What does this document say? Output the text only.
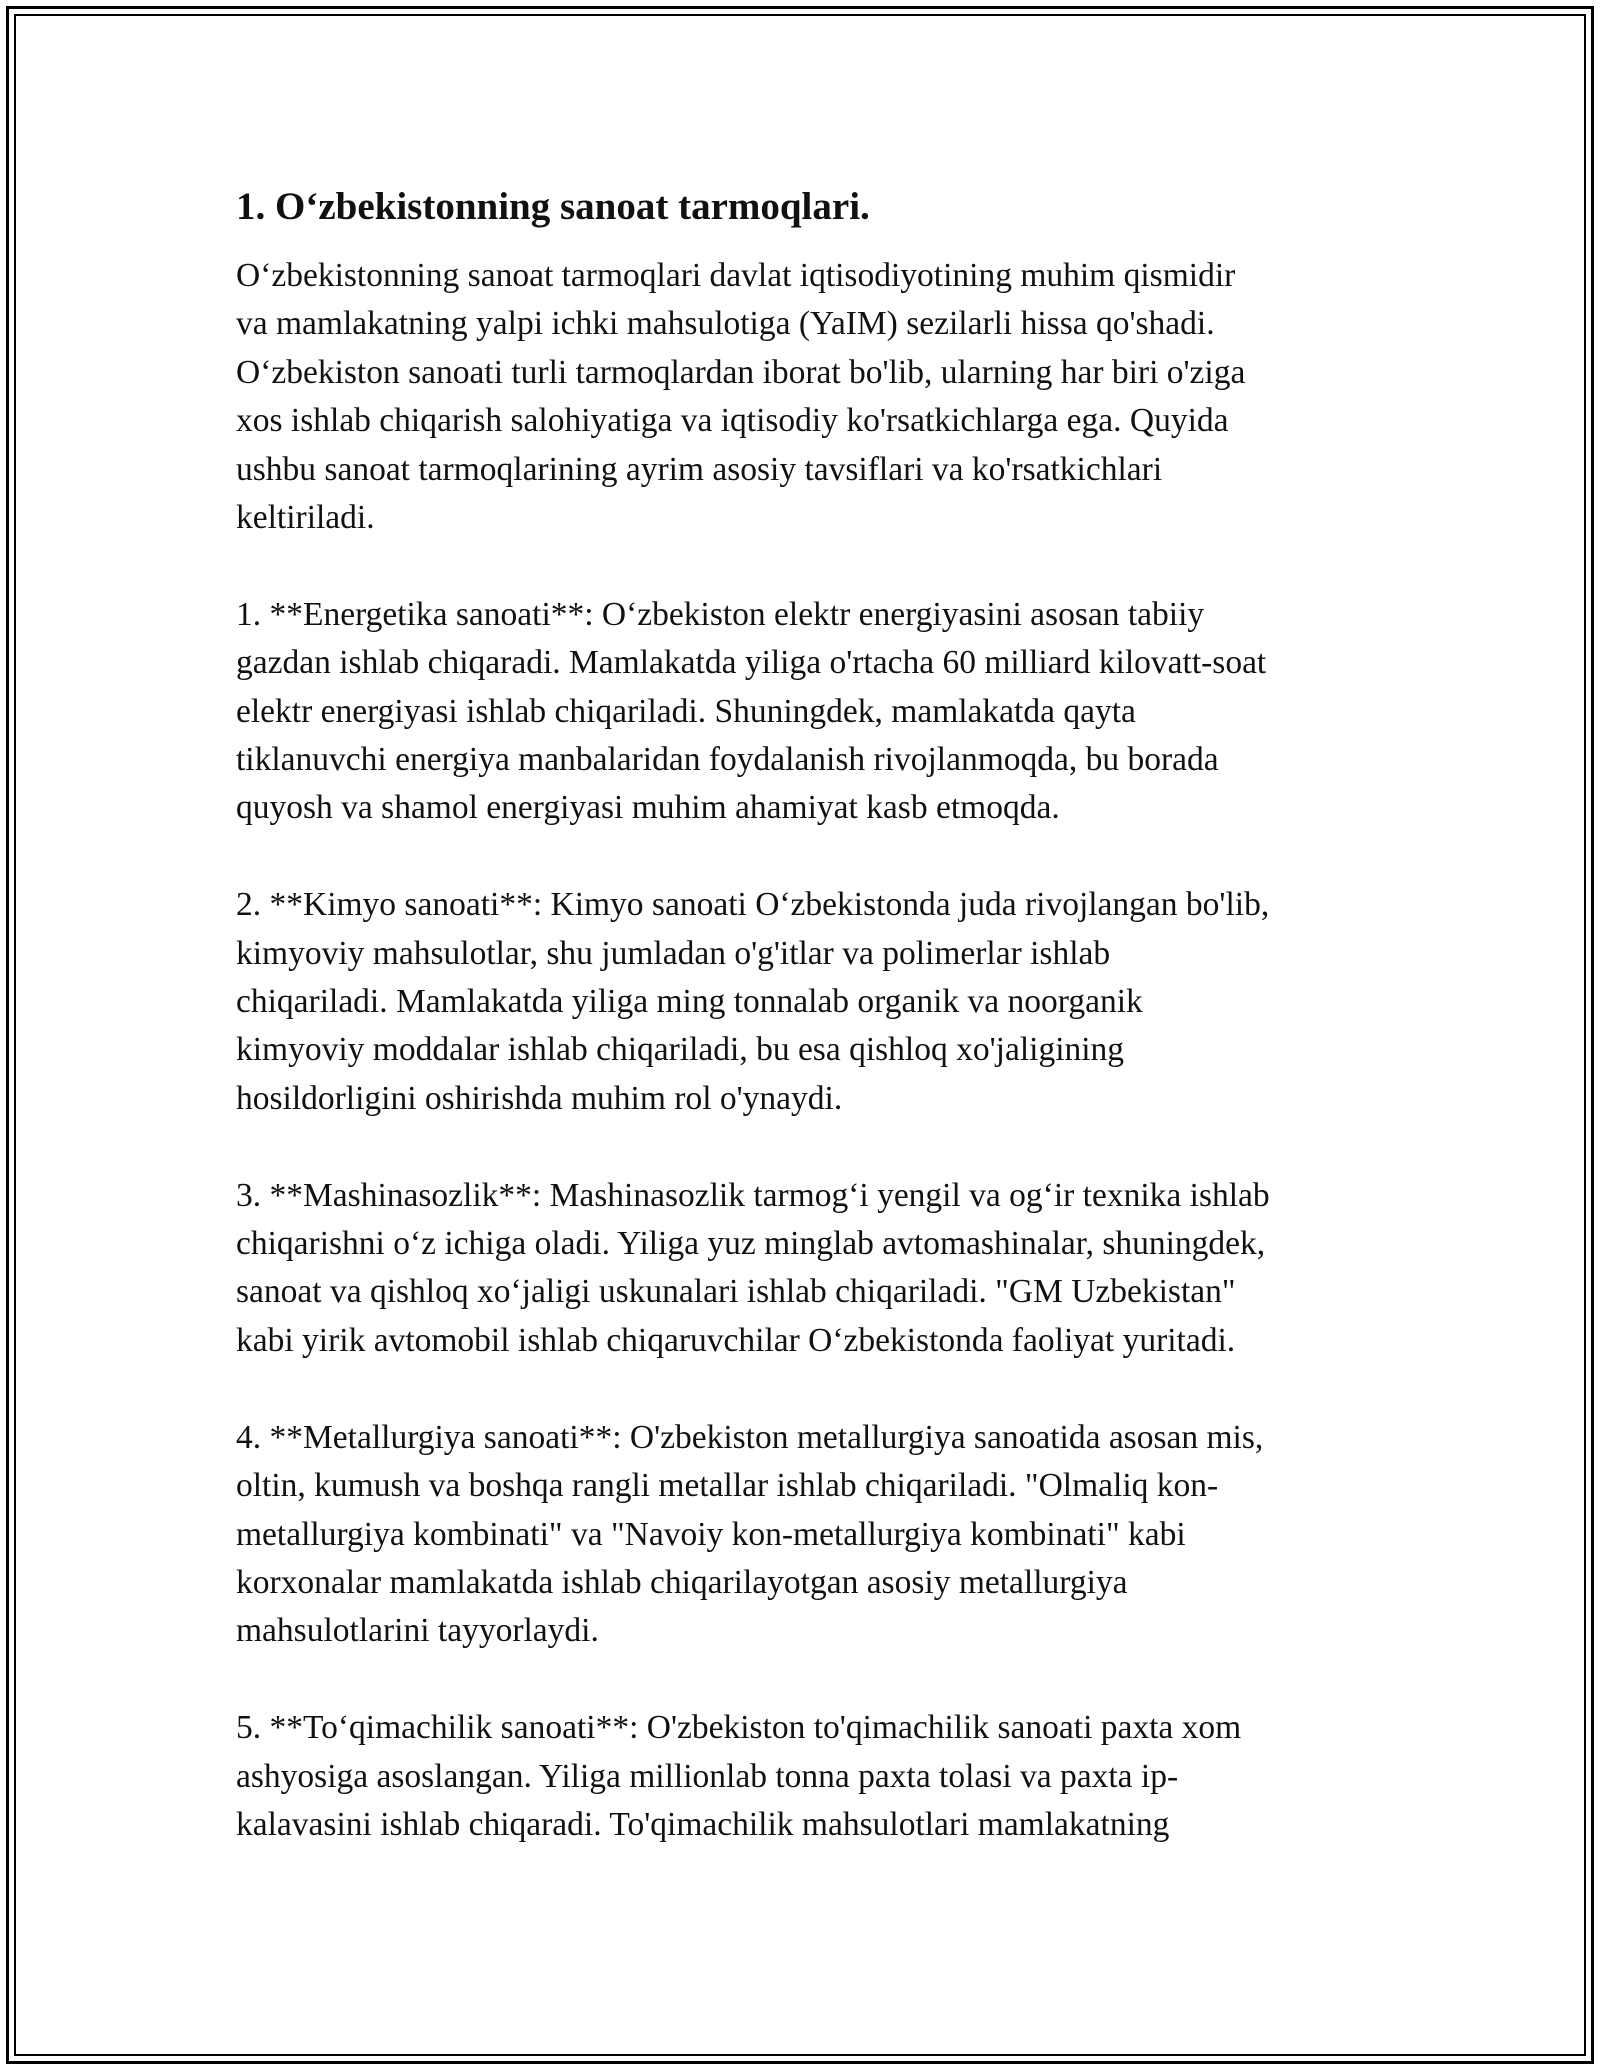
1. O‘zbekistonning sanoat tarmoqlari.

O‘zbekistonning sanoat tarmoqlari davlat iqtisodiyotining muhim qismidir

va mamlakatning yalpi ichki mahsulotiga (YaIM) sezilarli hissa qo'shadi.

O‘zbekiston sanoati turli tarmoqlardan iborat bo'lib, ularning har biri o'ziga

xos ishlab chiqarish salohiyatiga va iqtisodiy ko'rsatkichlarga ega. Quyida

ushbu sanoat tarmoqlarining ayrim asosiy tavsiflari va ko'rsatkichlari

keltiriladi.

1. **Energetika sanoati**: O‘zbekiston elektr energiyasini asosan tabiiy

gazdan ishlab chiqaradi. Mamlakatda yiliga o'rtacha 60 milliard kilovatt-soat

elektr energiyasi ishlab chiqariladi. Shuningdek, mamlakatda qayta

tiklanuvchi energiya manbalaridan foydalanish rivojlanmoqda, bu borada

quyosh va shamol energiyasi muhim ahamiyat kasb etmoqda.

2. **Kimyo sanoati**: Kimyo sanoati O‘zbekistonda juda rivojlangan bo'lib,

kimyoviy mahsulotlar, shu jumladan o'g'itlar va polimerlar ishlab

chiqariladi. Mamlakatda yiliga ming tonnalab organik va noorganik

kimyoviy moddalar ishlab chiqariladi, bu esa qishloq xo'jaligining

hosildorligini oshirishda muhim rol o'ynaydi.

3. **Mashinasozlik**: Mashinasozlik tarmog‘i yengil va og‘ir texnika ishlab

chiqarishni o‘z ichiga oladi. Yiliga yuz minglab avtomashinalar, shuningdek,

sanoat va qishloq xo‘jaligi uskunalari ishlab chiqariladi. "GM Uzbekistan"

kabi yirik avtomobil ishlab chiqaruvchilar O‘zbekistonda faoliyat yuritadi.

4. **Metallurgiya sanoati**: O'zbekiston metallurgiya sanoatida asosan mis,

oltin, kumush va boshqa rangli metallar ishlab chiqariladi. "Olmaliq kon-

metallurgiya kombinati" va "Navoiy kon-metallurgiya kombinati" kabi

korxonalar mamlakatda ishlab chiqarilayotgan asosiy metallurgiya

mahsulotlarini tayyorlaydi.

5. **To‘qimachilik sanoati**: O'zbekiston to'qimachilik sanoati paxta xom

ashyosiga asoslangan. Yiliga millionlab tonna paxta tolasi va paxta ip-

kalavasini ishlab chiqaradi. To'qimachilik mahsulotlari mamlakatning
